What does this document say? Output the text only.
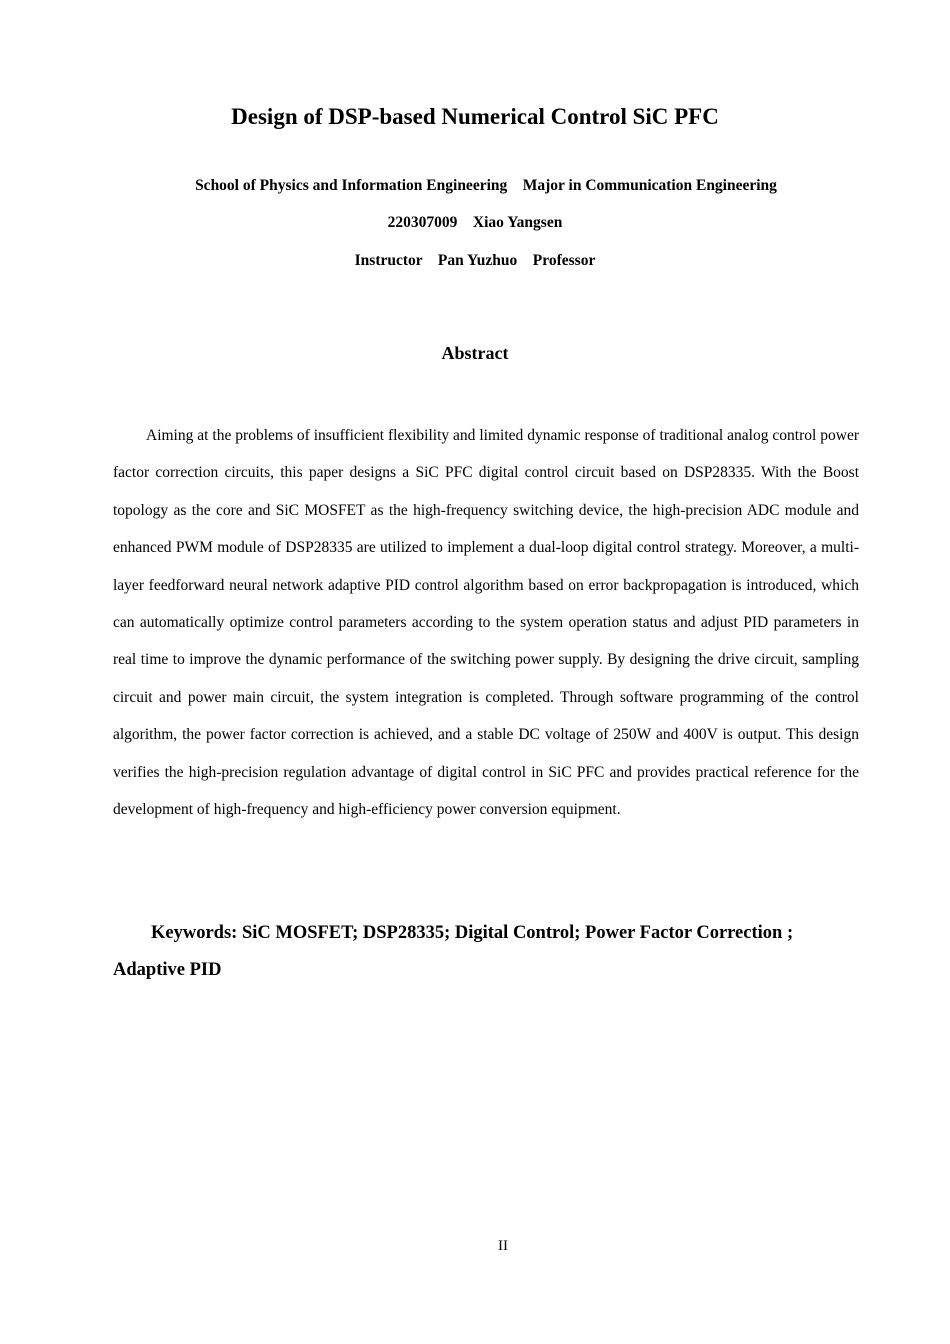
Design of DSP-based Numerical Control SiC PFC

School of Physics and Information Engineering    Major in Communication Engineering

220307009    Xiao Yangsen

Instructor    Pan Yuzhuo    Professor

Abstract

Aiming at the problems of insufficient flexibility and limited dynamic response of traditional analog control power factor correction circuits, this paper designs a SiC PFC digital control circuit based on DSP28335. With the Boost topology as the core and SiC MOSFET as the high-frequency switching device, the high-precision ADC module and enhanced PWM module of DSP28335 are utilized to implement a dual-loop digital control strategy. Moreover, a multi-layer feedforward neural network adaptive PID control algorithm based on error backpropagation is introduced, which can automatically optimize control parameters according to the system operation status and adjust PID parameters in real time to improve the dynamic performance of the switching power supply. By designing the drive circuit, sampling circuit and power main circuit, the system integration is completed. Through software programming of the control algorithm, the power factor correction is achieved, and a stable DC voltage of 250W and 400V is output. This design verifies the high-precision regulation advantage of digital control in SiC PFC and provides practical reference for the development of high-frequency and high-efficiency power conversion equipment.

Keywords: SiC MOSFET; DSP28335; Digital Control; Power Factor Correction ; Adaptive PID

II
